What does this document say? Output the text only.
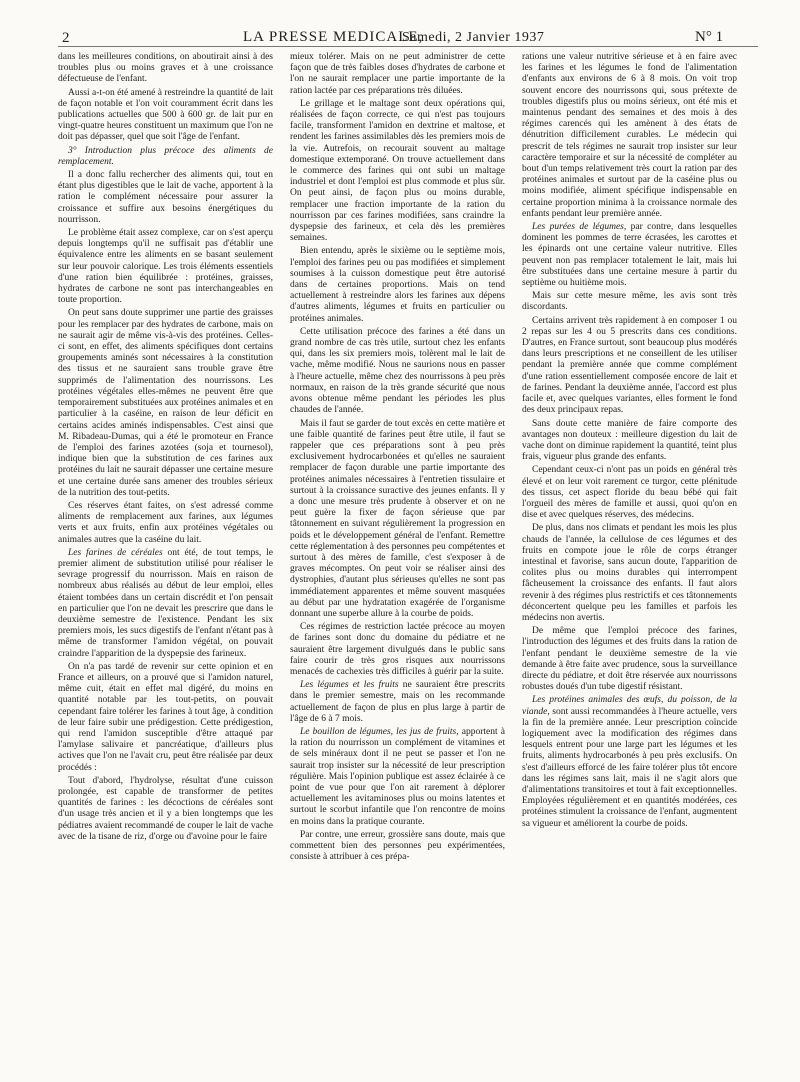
2	LA PRESSE MEDICALE,
Samedi, 2 Janvier 1937	N° 1

dans les meilleures conditions, on aboutirait ainsi à des troubles plus ou moins graves et à une croissance défectueuse de l'enfant.

Aussi a-t-on été amené à restreindre la quantité de lait de façon notable et l'on voit couramment écrit dans les publications actuelles que 500 à 600 gr. de lait pur en vingt-quatre heures constituent un maximum que l'on ne doit pas dépasser, quel que soit l'âge de l'enfant.

3° Introduction plus précoce des aliments de remplacement.

Il a donc fallu rechercher des aliments qui, tout en étant plus digestibles que le lait de vache, apportent à la ration le complément nécessaire pour assurer la croissance et suffire aux besoins énergétiques du nourrisson.

Le problème était assez complexe, car on s'est aperçu depuis longtemps qu'il ne suffisait pas d'établir une équivalence entre les aliments en se basant seulement sur leur pouvoir calorique. Les trois éléments essentiels d'une ration bien équilibrée : protéines, graisses, hydrates de carbone ne sont pas interchangeables en toute proportion.

On peut sans doute supprimer une partie des graisses pour les remplacer par des hydrates de carbone, mais on ne saurait agir de même vis-à-vis des protéines. Celles-ci sont, en effet, des aliments spécifiques dont certains groupements aminés sont nécessaires à la constitution des tissus et ne sauraient sans trouble grave être supprimés de l'alimentation des nourrissons. Les protéines végétales elles-mêmes ne peuvent être que temporairement substituées aux protéines animales et en particulier à la caséine, en raison de leur déficit en certains acides aminés indispensables. C'est ainsi que M. Ribadeau-Dumas, qui a été le promoteur en France de l'emploi des farines azotées (soja et tournesol), indique bien que la substitution de ces farines aux protéines du lait ne saurait dépasser une certaine mesure et une certaine durée sans amener des troubles sérieux de la nutrition des tout-petits.

Ces réserves étant faites, on s'est adressé comme aliments de remplacement aux farines, aux légumes verts et aux fruits, enfin aux protéines végétales ou animales autres que la caséine du lait.

Les farines de céréales ont été, de tout temps, le premier aliment de substitution utilisé pour réaliser le sevrage progressif du nourrisson. Mais en raison de nombreux abus réalisés au début de leur emploi, elles étaient tombées dans un certain discrédit et l'on pensait en particulier que l'on ne devait les prescrire que dans le deuxième semestre de l'existence. Pendant les six premiers mois, les sucs digestifs de l'enfant n'étant pas à même de transformer l'amidon végétal, on pouvait craindre l'apparition de la dyspepsie des farineux.

On n'a pas tardé de revenir sur cette opinion et en France et ailleurs, on a prouvé que si l'amidon naturel, même cuit, était en effet mal digéré, du moins en quantité notable par les tout-petits, on pouvait cependant faire tolérer les farines à tout âge, à condition de leur faire subir une prédigestion. Cette prédigestion, qui rend l'amidon susceptible d'être attaqué par l'amylase salivaire et pancréatique, d'ailleurs plus actives que l'on ne l'avait cru, peut être réalisée par deux procédés :

Tout d'abord, l'hydrolyse, résultat d'une cuisson prolongée, est capable de transformer de petites quantités de farines : les décoctions de céréales sont d'un usage très ancien et il y a bien longtemps que les pédiatres avaient recommandé de couper le lait de vache avec de la tisane de riz, d'orge ou d'avoine pour le faire

mieux tolérer. Mais on ne peut administrer de cette façon que de très faibles doses d'hydrates de carbone et l'on ne saurait remplacer une partie importante de la ration lactée par ces préparations très diluées.

Le grillage et le maltage sont deux opérations qui, réalisées de façon correcte, ce qui n'est pas toujours facile, transforment l'amidon en dextrine et maltose, et rendent les farines assimilables dès les premiers mois de la vie. Autrefois, on recourait souvent au maltage domestique extemporané. On trouve actuellement dans le commerce des farines qui ont subi un maltage industriel et dont l'emploi est plus commode et plus sûr. On peut ainsi, de façon plus ou moins durable, remplacer une fraction importante de la ration du nourrisson par ces farines modifiées, sans craindre la dyspepsie des farineux, et cela dès les premières semaines.

Bien entendu, après le sixième ou le septième mois, l'emploi des farines peu ou pas modifiées et simplement soumises à la cuisson domestique peut être autorisé dans de certaines proportions. Mais on tend actuellement à restreindre alors les farines aux dépens d'autres aliments, légumes et fruits en particulier ou protéines animales.

Cette utilisation précoce des farines a été dans un grand nombre de cas très utile, surtout chez les enfants qui, dans les six premiers mois, tolèrent mal le lait de vache, même modifié. Nous ne saurions nous en passer à l'heure actuelle, même chez des nourrissons à peu près normaux, en raison de la très grande sécurité que nous avons obtenue même pendant les périodes les plus chaudes de l'année.

Mais il faut se garder de tout excès en cette matière et une faible quantité de farines peut être utile, il faut se rappeler que ces préparations sont à peu près exclusivement hydrocarbonées et qu'elles ne sauraient remplacer de façon durable une partie importante des protéines animales nécessaires à l'entretien tissulaire et surtout à la croissance suractive des jeunes enfants. Il y a donc une mesure très prudente à observer et on ne peut guère la fixer de façon sérieuse que par tâtonnement en suivant régulièrement la progression en poids et le développement général de l'enfant. Remettre cette réglementation à des personnes peu compétentes et surtout à des mères de famille, c'est s'exposer à de graves mécomptes. On peut voir se réaliser ainsi des dystrophies, d'autant plus sérieuses qu'elles ne sont pas immédiatement apparentes et même souvent masquées au début par une hydratation exagérée de l'organisme donnant une superbe allure à la courbe de poids.

Ces régimes de restriction lactée précoce au moyen de farines sont donc du domaine du pédiatre et ne sauraient être largement divulgués dans le public sans faire courir de très gros risques aux nourrissons menacés de cachexies très difficiles à guérir par la suite.

Les légumes et les fruits ne sauraient être prescrits dans le premier semestre, mais on les recommande actuellement de façon de plus en plus large à partir de l'âge de 6 à 7 mois.

Le bouillon de légumes, les jus de fruits, apportent à la ration du nourrisson un complément de vitamines et de sels minéraux dont il ne peut se passer et l'on ne saurait trop insister sur la nécessité de leur prescription régulière. Mais l'opinion publique est assez éclairée à ce point de vue pour que l'on ait rarement à déplorer actuellement les avitaminoses plus ou moins latentes et surtout le scorbut infantile que l'on rencontre de moins en moins dans la pratique courante.

Par contre, une erreur, grossière sans doute, mais que commettent bien des personnes peu expérimentées, consiste à attribuer à ces prépa-

rations une valeur nutritive sérieuse et à en faire avec les farines et les légumes le fond de l'alimentation d'enfants aux environs de 6 à 8 mois. On voit trop souvent encore des nourrissons qui, sous prétexte de troubles digestifs plus ou moins sérieux, ont été mis et maintenus pendant des semaines et des mois à des régimes carencés qui les amènent à des états de dénutrition difficilement curables. Le médecin qui prescrit de tels régimes ne saurait trop insister sur leur caractère temporaire et sur la nécessité de compléter au bout d'un temps relativement très court la ration par des protéines animales et surtout par de la caséine plus ou moins modifiée, aliment spécifique indispensable en certaine proportion minima à la croissance normale des enfants pendant leur première année.

Les purées de légumes, par contre, dans lesquelles dominent les pommes de terre écrasées, les carottes et les épinards ont une certaine valeur nutritive. Elles peuvent non pas remplacer totalement le lait, mais lui être substituées dans une certaine mesure à partir du septième ou huitième mois.

Mais sur cette mesure même, les avis sont très discordants.

Certains arrivent très rapidement à en composer 1 ou 2 repas sur les 4 ou 5 prescrits dans ces conditions. D'autres, en France surtout, sont beaucoup plus modérés dans leurs prescriptions et ne conseillent de les utiliser pendant la première année que comme complément d'une ration essentiellement composée encore de lait et de farines. Pendant la deuxième année, l'accord est plus facile et, avec quelques variantes, elles forment le fond des deux principaux repas.

Sans doute cette manière de faire comporte des avantages non douteux : meilleure digestion du lait de vache dont on diminue rapidement la quantité, teint plus frais, vigueur plus grande des enfants.

Cependant ceux-ci n'ont pas un poids en général très élevé et on leur voit rarement ce turgor, cette plénitude des tissus, cet aspect floride du beau bébé qui fait l'orgueil des mères de famille et aussi, quoi qu'on en dise et avec quelques réserves, des médecins.

De plus, dans nos climats et pendant les mois les plus chauds de l'année, la cellulose de ces légumes et des fruits en compote joue le rôle de corps étranger intestinal et favorise, sans aucun doute, l'apparition de colites plus ou moins durables qui interrompent fâcheusement la croissance des enfants. Il faut alors revenir à des régimes plus restrictifs et ces tâtonnements déconcertent quelque peu les familles et parfois les médecins non avertis.

De même que l'emploi précoce des farines, l'introduction des légumes et des fruits dans la ration de l'enfant pendant le deuxième semestre de la vie demande à être faite avec prudence, sous la surveillance directe du pédiatre, et doit être réservée aux nourrissons robustes doués d'un tube digestif résistant.

Les protéines animales des œufs, du poisson, de la viande, sont aussi recommandées à l'heure actuelle, vers la fin de la première année. Leur prescription coïncide logiquement avec la modification des régimes dans lesquels entrent pour une large part les légumes et les fruits, aliments hydrocarbonés à peu près exclusifs. On s'est d'ailleurs efforcé de les faire tolérer plus tôt encore dans les régimes sans lait, mais il ne s'agit alors que d'alimentations transitoires et tout à fait exceptionnelles. Employées régulièrement et en quantités modérées, ces protéines stimulent la croissance de l'enfant, augmentent sa vigueur et améliorent la courbe de poids.
